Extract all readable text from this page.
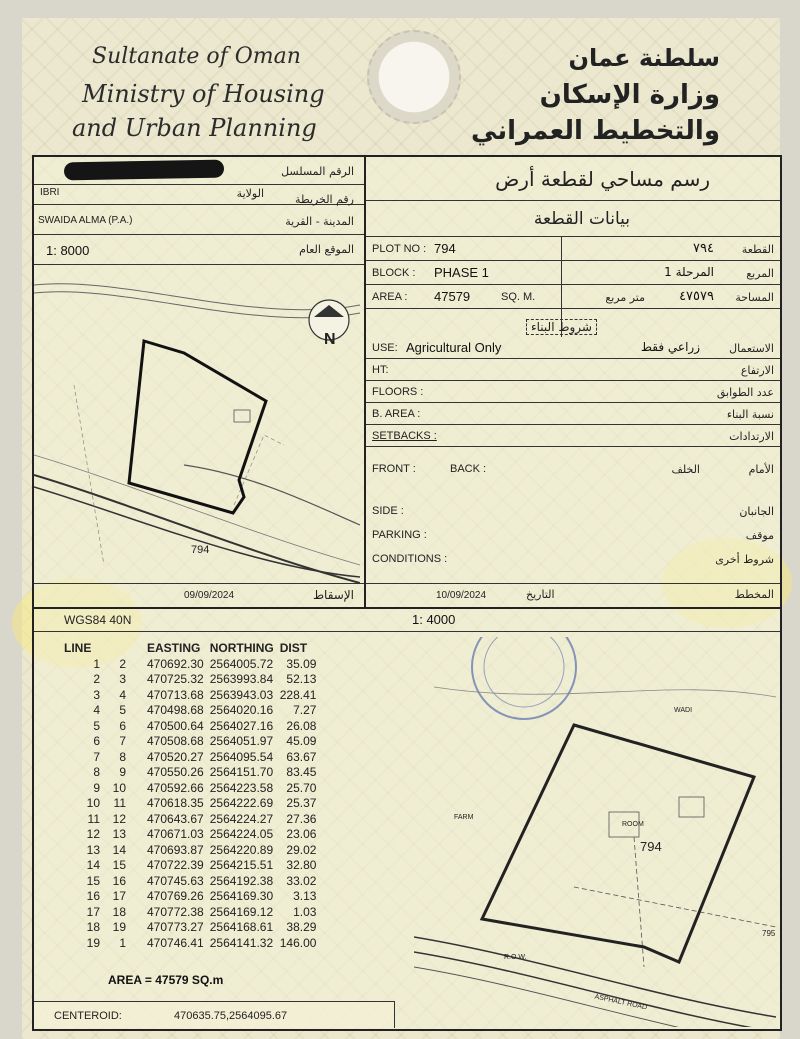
Sultanate of Oman
Ministry of Housing
and Urban Planning
سلطنة عمان
وزارة الإسكان
والتخطيط العمراني
الرقم المسلسل
IBRI	الولاية	رقم الخريطة
SWAIDA ALMA (P.A.)	المدينة - القرية
1: 8000	الموقع العام
794
N
09/09/2024	الإسقاط
رسم مساحي لقطعة أرض
بيانات القطعة
PLOT NO : 794	٧٩٤	القطعة
BLOCK : PHASE 1	المرحلة 1	المربع
AREA : 47579	SQ. M.	متر مربع	٤٧٥٧٩ المساحة
شروط البناء
USE: Agricultural Only	زراعي فقط	الاستعمال
HT:	الارتفاع
FLOORS :	عدد الطوابق
B. AREA :	نسبة البناء
SETBACKS :	الارتدادات
FRONT :	BACK :	الخلف	الأمام
SIDE :	الجانبان
PARKING :	موقف
CONDITIONS :	شروط أخرى
10/09/2024	التاريخ	المخطط
WGS84 40N	1: 4000
LINE		EASTING	NORTHING	DIST
1	2	470692.30	2564005.72	35.09
2	3	470725.32	2563993.84	52.13
3	4	470713.68	2563943.03	228.41
4	5	470498.68	2564020.16	7.27
5	6	470500.64	2564027.16	26.08
6	7	470508.68	2564051.97	45.09
7	8	470520.27	2564095.54	63.67
8	9	470550.26	2564151.70	83.45
9	10	470592.66	2564223.58	25.70
10	11	470618.35	2564222.69	25.37
11	12	470643.67	2564224.27	27.36
12	13	470671.03	2564224.05	23.06
13	14	470693.87	2564220.89	29.02
14	15	470722.39	2564215.51	32.80
15	16	470745.63	2564192.38	33.02
16	17	470769.26	2564169.30	3.13
17	18	470772.38	2564169.12	1.03
18	19	470773.27	2564168.61	38.29
19	1	470746.41	2564141.32	146.00
AREA = 47579 SQ.m
794
FARM
WADI
ROOM
R.O.W.
ASPHALT ROAD
795
CENTEROID:	470635.75,2564095.67
